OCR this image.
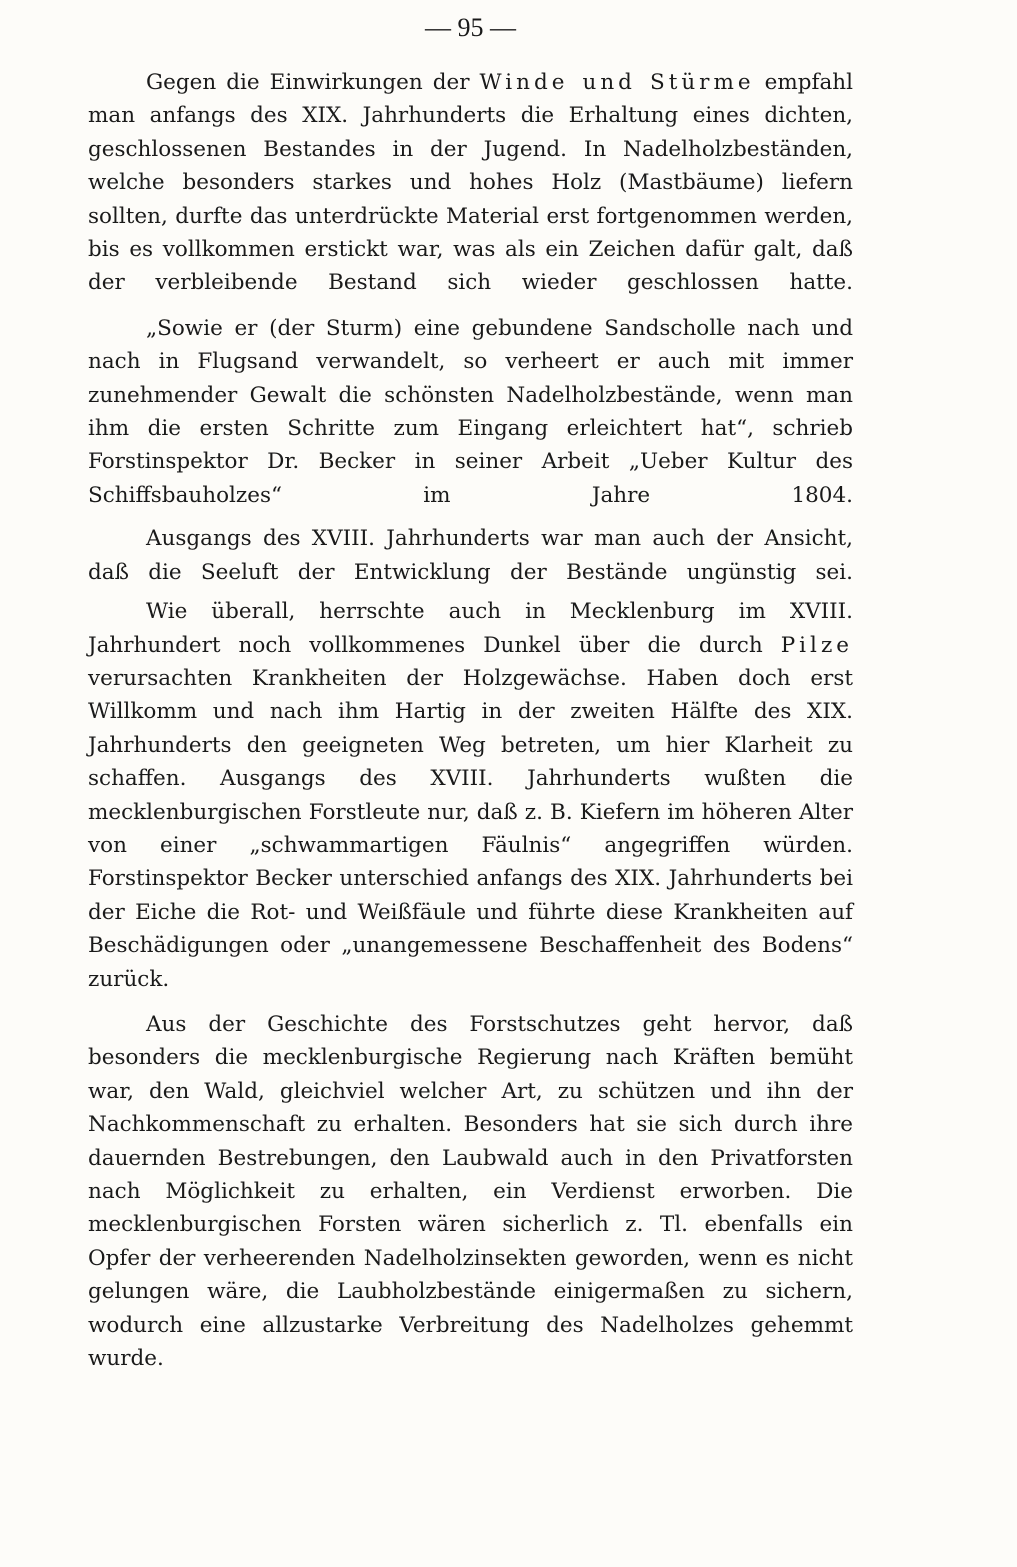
— 95 —

Gegen die Einwirkungen der Winde und Stürme empfahl man anfangs des XIX. Jahrhunderts die Erhaltung eines dichten, geschlossenen Bestandes in der Jugend. In Nadelholzbeständen, welche besonders starkes und hohes Holz (Mastbäume) liefern sollten, durfte das unterdrückte Material erst fortgenommen werden, bis es vollkommen erstickt war, was als ein Zeichen dafür galt, daß der verbleibende Bestand sich wieder geschlossen hatte.

„Sowie er (der Sturm) eine gebundene Sandscholle nach und nach in Flugsand verwandelt, so verheert er auch mit immer zunehmender Gewalt die schönsten Nadelholzbestände, wenn man ihm die ersten Schritte zum Eingang erleichtert hat“, schrieb Forstinspektor Dr. Becker in seiner Arbeit „Ueber Kultur des Schiffsbauholzes“ im Jahre 1804.

Ausgangs des XVIII. Jahrhunderts war man auch der Ansicht, daß die Seeluft der Entwicklung der Bestände ungünstig sei.

Wie überall, herrschte auch in Mecklenburg im XVIII. Jahrhundert noch vollkommenes Dunkel über die durch Pilze verursachten Krankheiten der Holzgewächse. Haben doch erst Willkomm und nach ihm Hartig in der zweiten Hälfte des XIX. Jahrhunderts den geeigneten Weg betreten, um hier Klarheit zu schaffen. Ausgangs des XVIII. Jahrhunderts wußten die mecklenburgischen Forstleute nur, daß z. B. Kiefern im höheren Alter von einer „schwammartigen Fäulnis“ angegriffen würden. Forstinspektor Becker unterschied anfangs des XIX. Jahrhunderts bei der Eiche die Rot- und Weißfäule und führte diese Krankheiten auf Beschädigungen oder „unangemessene Beschaffenheit des Bodens“ zurück.

Aus der Geschichte des Forstschutzes geht hervor, daß besonders die mecklenburgische Regierung nach Kräften bemüht war, den Wald, gleichviel welcher Art, zu schützen und ihn der Nachkommenschaft zu erhalten. Besonders hat sie sich durch ihre dauernden Bestrebungen, den Laubwald auch in den Privatforsten nach Möglichkeit zu erhalten, ein Verdienst erworben. Die mecklenburgischen Forsten wären sicherlich z. Tl. ebenfalls ein Opfer der verheerenden Nadelholzinsekten geworden, wenn es nicht gelungen wäre, die Laubholzbestände einigermaßen zu sichern, wodurch eine allzustarke Verbreitung des Nadelholzes gehemmt wurde.
